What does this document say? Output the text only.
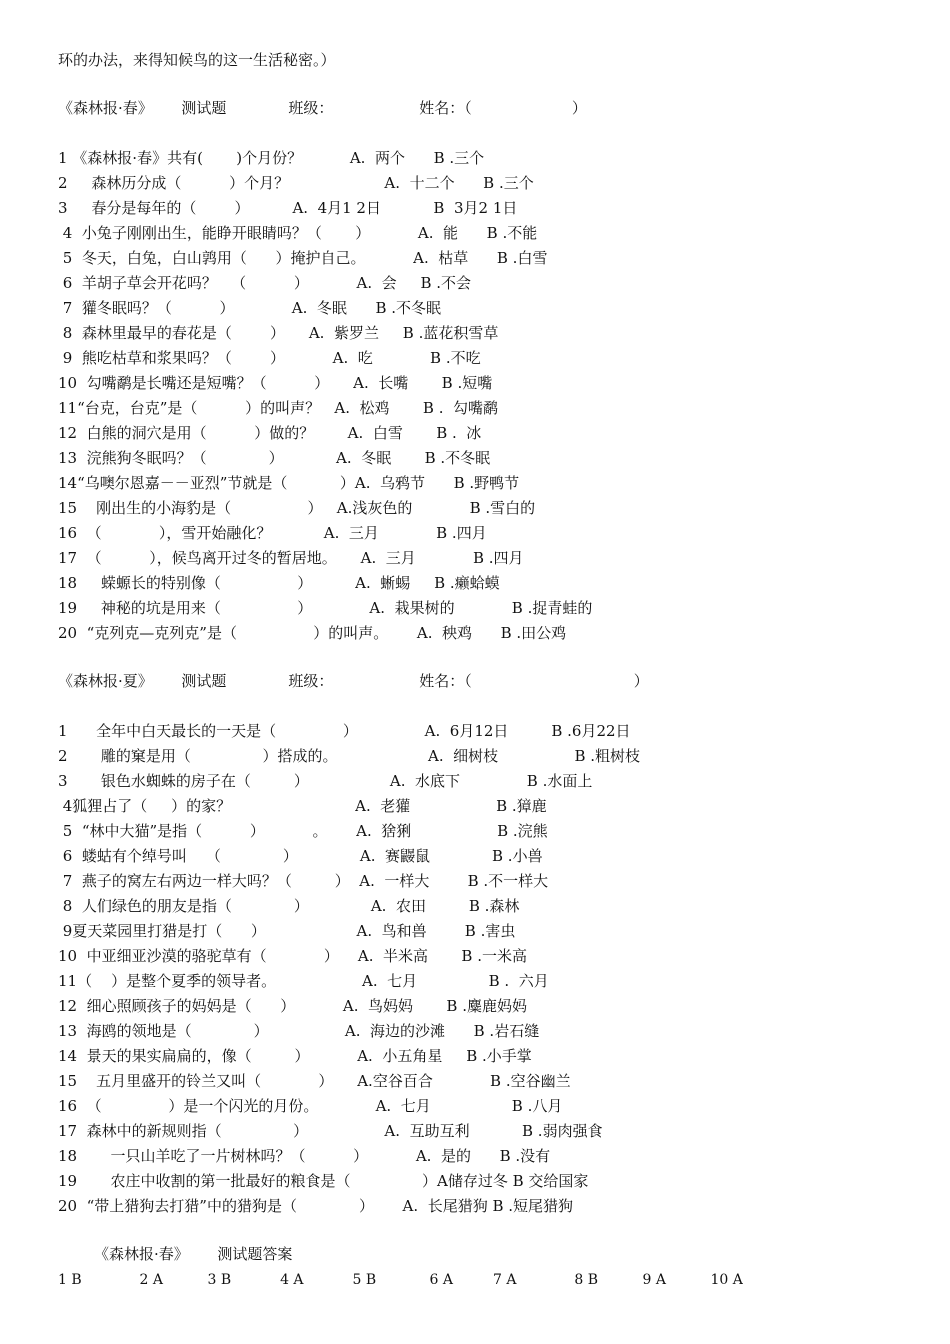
环的办法，来得知候鸟的这一生活秘密。）
《森林报·春》      测试题             班级：                  姓名：（                     ）
1 《森林报·春》共有(       )个月份？          A.  两个      B .三个
2     森林历分成（          ）个月？                    A.  十二个      B .三个
3     春分是每年的（        ）         A.  4月1 2日           B  3月2 1日
4  小兔子刚刚出生，能睁开眼睛吗？（       ）          A.  能      B .不能
5  冬天，白兔，白山鹑用（      ）掩护自己。          A.  枯草      B .白雪
6  羊胡子草会开花吗？   （          ）          A.  会     B .不会
7  獾冬眠吗？（          ）            A.  冬眠      B .不冬眠
8  森林里最早的春花是（        ）     A.  紫罗兰     B .蓝花积雪草
9  熊吃枯草和浆果吗？（        ）          A.  吃            B .不吃
10  勾嘴鹬是长嘴还是短嘴？（          ）     A.  长嘴       B .短嘴
11“台克，台克”是（          ）的叫声？   A.  松鸡       B .  勾嘴鹬
12  白熊的洞穴是用（          ）做的？       A.  白雪       B .  冰
13  浣熊狗冬眠吗？（             ）           A.  冬眠       B .不冬眠
14“乌噢尔恩嘉－－亚烈”节就是（           ）A.  乌鸦节      B .野鸭节
15    刚出生的小海豹是（                ）   A.浅灰色的            B .雪白的
16  （            ），雪开始融化？           A.  三月            B .四月
17  （          ），候鸟离开过冬的暂居地。     A.  三月            B .四月
18     蝾螈长的特别像（                ）         A.  蜥蜴     B .癞蛤蟆
19     神秘的坑是用来（                ）            A.  栽果树的            B .捉青蛙的
20  “克列克—克列克”是（                ）的叫声。      A.  秧鸡      B .田公鸡
《森林报·夏》      测试题             班级：                  姓名：（                                  ）
1      全年中白天最长的一天是（              ）              A.  6月12日         B .6月22日
2       雕的窠是用（               ）搭成的。                   A.  细树枝                B .粗树枝
3       银色水蜘蛛的房子在（         ）                 A.  水底下              B .水面上
4狐狸占了（     ）的家？                          A.  老獾                  B .獐鹿
5  “林中大猫”是指（          ）          。      A.  猞猁                  B .浣熊
6  蝼蛄有个绰号叫    （             ）             A.  赛鼹鼠             B .小兽
7  燕子的窝左右两边一样大吗？（         ）  A.  一样大        B .不一样大
8  人们绿色的朋友是指（             ）             A.  农田         B .森林
9夏天菜园里打猎是打（      ）                   A.  鸟和兽        B .害虫
10  中亚细亚沙漠的骆驼草有（            ）    A.  半米高       B .一米高
11（    ）是整个夏季的领导者。                  A.  七月               B .  六月
12  细心照顾孩子的妈妈是（      ）          A.  鸟妈妈       B .麋鹿妈妈
13  海鸥的领地是（             ）                A.  海边的沙滩      B .岩石缝
14  景天的果实扁扁的，像（         ）          A.  小五角星     B .小手掌
15    五月里盛开的铃兰又叫（            ）     A.空谷百合            B .空谷幽兰
16  （              ）是一个闪光的月份。            A.  七月                 B .八月
17  森林中的新规则指（               ）                A.  互助互利           B .弱肉强食
18       一只山羊吃了一片树林吗？（          ）          A.  是的      B .没有
19       农庄中收割的第一批最好的粮食是（               ）A储存过冬 B 交给国家
20  “带上猎狗去打猎”中的猎狗是（             ）      A.  长尾猎狗 B .短尾猎狗
《森林报·春》      测试题答案
1 B             2 A          3 B           4 A           5 B            6 A         7 A             8 B          9 A          10 A
